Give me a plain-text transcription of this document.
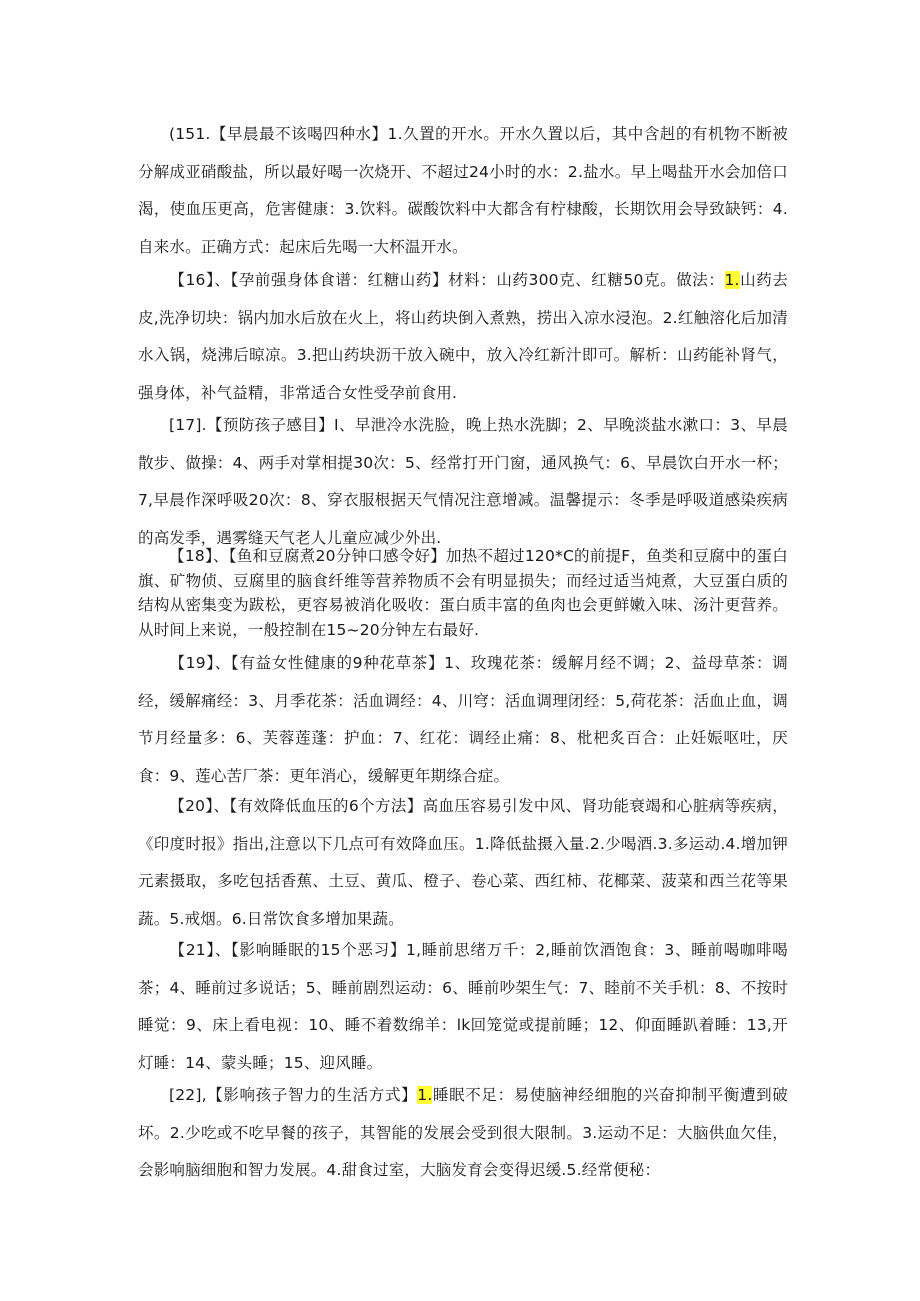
(151.【早晨最不该喝四种水】1.久置的开水。开水久置以后，其中含赳的有机物不断被分解成亚硝酸盐，所以最好喝一次烧开、不超过24小时的水：2.盐水。早上喝盐开水会加倍口渴，使血压更高，危害健康：3.饮料。碳酸饮料中大都含有柠棣酸，长期饮用会导致缺钙：4.自来水。正确方式：起床后先喝一大杯温开水。

【16】、【孕前强身体食谱：红糖山药】材料：山药300克、红糖50克。做法：1.山药去皮,洗净切块：锅内加水后放在火上，将山药块倒入煮熟，捞出入凉水浸泡。2.红触溶化后加清水入锅，烧沸后晾凉。3.把山药块沥干放入碗中，放入冷红新汁即可。解析：山药能补肾气，强身体，补气益精，非常适合女性受孕前食用.

[17].【预防孩子感目】I、早泄冷水洗脸，晚上热水洗脚；2、早晚淡盐水漱口：3、早晨散步、做操：4、两手对掌相提30次：5、经常打开门窗，通风换气：6、早晨饮白开水一杯；7,早晨作深呼吸20次：8、穿衣服根据天气情况注意增减。温馨提示：冬季是呼吸道感染疾病的高发季，遇雾缝天气老人儿童应减少外出.

【18】、【鱼和豆腐煮20分钟口感令好】加热不超过120*C的前提F，鱼类和豆腐中的蛋白旗、矿物侦、豆腐里的脑食纤维等营养物质不会有明显损失；而经过适当炖煮，大豆蛋白质的结构从密集变为跋松，更容易被消化吸收：蛋白质丰富的鱼肉也会更鲜嫩入味、汤汁更营养。从时间上来说，一般控制在15~20分钟左右最好.

【19】、【有益女性健康的9种花草茶】1、玫瑰花茶：缓解月经不调；2、益母草茶：调经，缓解痛经：3、月季花茶：活血调经：4、川穹：活血调理闭经：5,荷花茶：活血止血，调节月经量多：6、芙蓉莲蓬：护血：7、红花：调经止痛：8、枇杷炙百合：止妊娠呕吐，厌食：9、莲心苦厂茶：更年消心，缓解更年期绦合症。

【20】、【有效降低血压的6个方法】高血压容易引发中风、肾功能衰竭和心脏病等疾病，《印度时报》指出,注意以下几点可有效降血压。1.降低盐摄入量.2.少喝酒.3.多运动.4.增加钾元素摄取，多吃包括香蕉、土豆、黄瓜、橙子、卷心菜、西红柿、花椰菜、菠菜和西兰花等果蔬。5.戒烟。6.日常饮食多增加果蔬。

【21】、【影响睡眠的15个恶习】1,睡前思绪万千：2,睡前饮酒饱食：3、睡前喝咖啡喝茶；4、睡前过多说话；5、睡前剧烈运动：6、睡前吵架生气：7、睦前不关手机：8、不按时睡觉：9、床上看电视：10、睡不着数绵羊：lk回笼觉或提前睡；12、仰面睡趴着睡：13,开灯睡：14、蒙头睡；15、迎风睡。

[22],【影响孩子智力的生活方式】1.睡眠不足：易使脑神经细胞的兴奋抑制平衡遭到破坏。2.少吃或不吃早餐的孩子，其智能的发展会受到很大限制。3.运动不足：大脑供血欠佳，会影响脑细胞和智力发展。4.甜食过室，大脑发育会变得迟缓.5.经常便秘：
